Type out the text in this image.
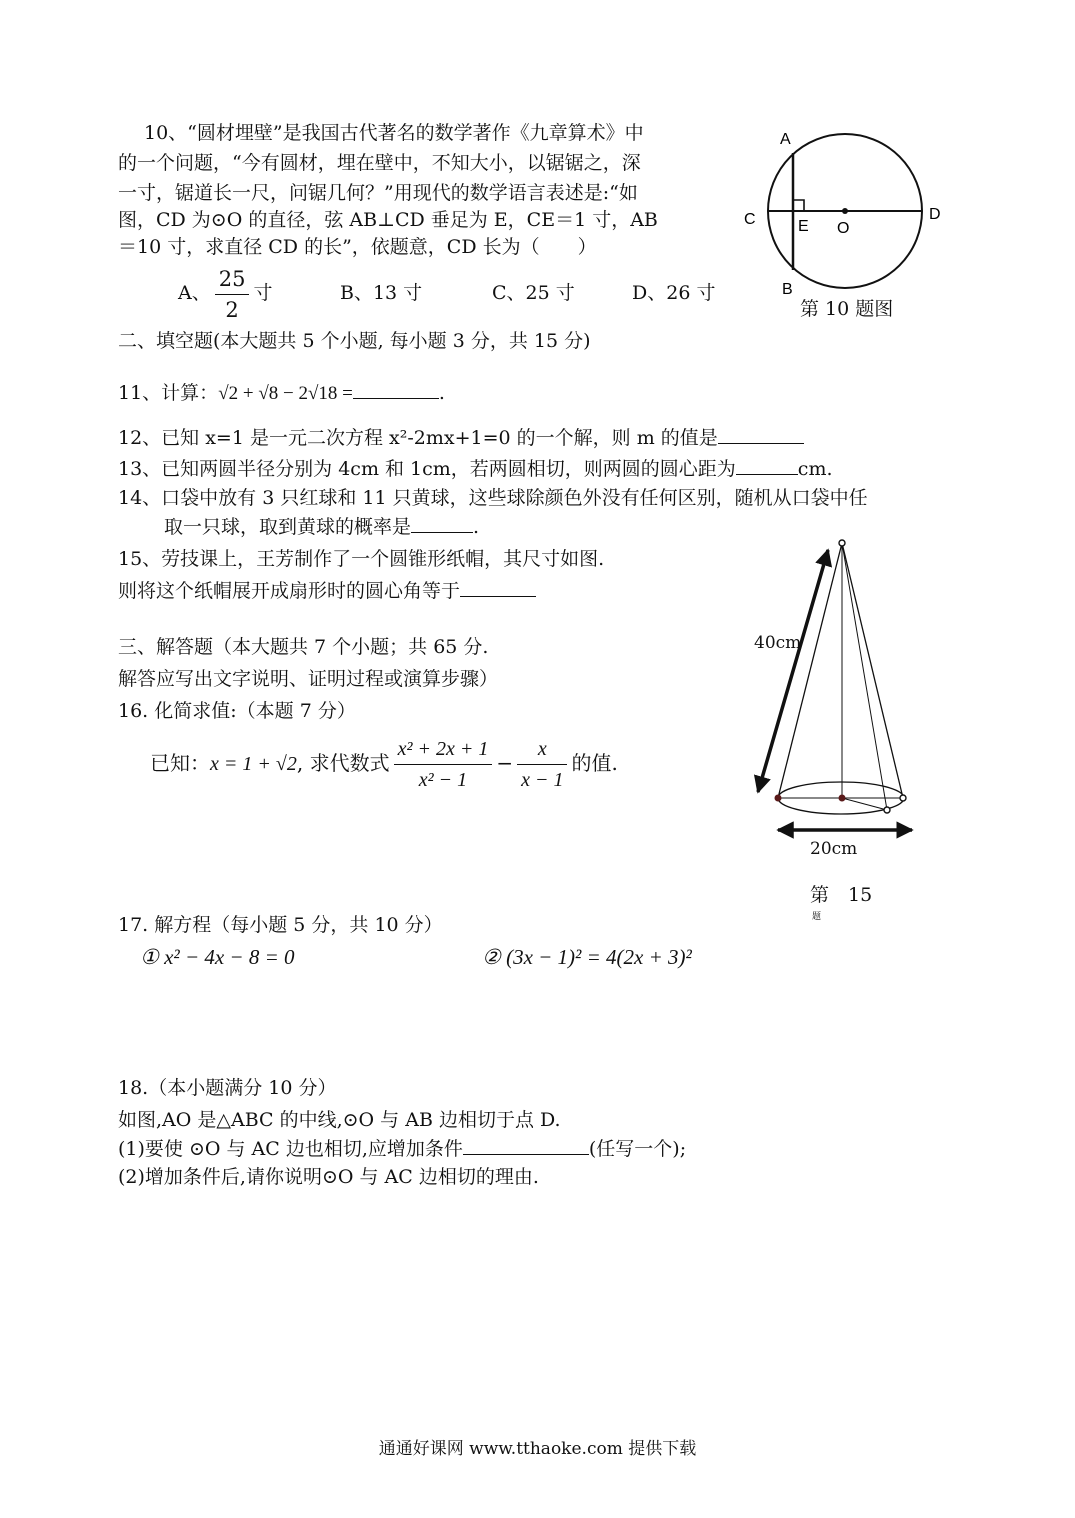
10、“圆材埋壁”是我国古代著名的数学著作《九章算术》中
的一个问题，“今有圆材，埋在壁中，不知大小，以锯锯之，深
一寸，锯道长一尺，问锯几何？”用现代的数学语言表述是:“如
图，CD 为⊙O 的直径，弦 AB⊥CD 垂足为 E，CE＝1 寸，AB
＝10 寸，求直径 CD 的长”，依题意，CD 长为（　　）
A、 $\frac{25}{2}$ 寸	B、13 寸	C、25 寸	D、26 寸
A
B
C	D
E O
第 10 题图
二、填空题(本大题共 5 个小题, 每小题 3 分，共 15 分)
11、计算：√2 + √8 − 2√18 =	.
12、已知 x=1 是一元二次方程 x²-2mx+1=0 的一个解，则 m 的值是
13、已知两圆半径分别为 4cm 和 1cm，若两圆相切，则两圆的圆心距为	cm.
14、口袋中放有 3 只红球和 11 只黄球，这些球除颜色外没有任何区别，随机从口袋中任
取一只球，取到黄球的概率是	.
15、劳技课上，王芳制作了一个圆锥形纸帽，其尺寸如图.
则将这个纸帽展开成扇形时的圆心角等于
40cm
20cm
第　15
题
三、解答题（本大题共 7 个小题；共 65 分.
解答应写出文字说明、证明过程或演算步骤）
16. 化简求值:（本题 7 分）
已知：x = 1 + √2, 求代数式 $\frac{\text{x² + 2x + 1}}{\text{x² − 1}} - \frac{x}{x - 1}$ 的值.
17. 解方程（每小题 5 分，共 10 分）
① x² − 4x − 8 = 0	② (3x − 1)² = 4(2x + 3)²
18.（本小题满分 10 分）
如图,AO 是△ABC 的中线,⊙O 与 AB 边相切于点 D.
(1)要使 ⊙O 与 AC 边也相切,应增加条件	(任写一个);
(2)增加条件后,请你说明⊙O 与 AC 边相切的理由.
通通好课网 www.tthaoke.com 提供下载
